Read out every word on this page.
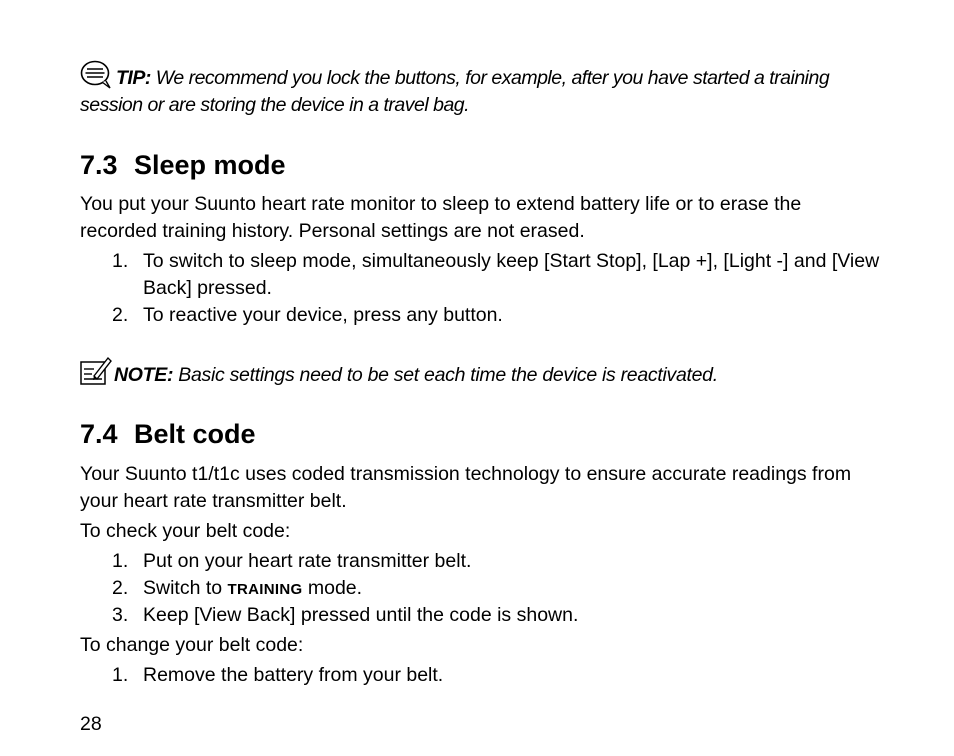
TIP: We recommend you lock the buttons, for example, after you have started a training session or are storing the device in a travel bag.
7.3 Sleep mode
You put your Suunto heart rate monitor to sleep to extend battery life or to erase the recorded training history. Personal settings are not erased.
1. To switch to sleep mode, simultaneously keep [Start Stop], [Lap +], [Light -] and [View Back] pressed.
2. To reactive your device, press any button.
NOTE: Basic settings need to be set each time the device is reactivated.
7.4 Belt code
Your Suunto t1/t1c uses coded transmission technology to ensure accurate readings from your heart rate transmitter belt.
To check your belt code:
1. Put on your heart rate transmitter belt.
2. Switch to TRAINING mode.
3. Keep [View Back] pressed until the code is shown.
To change your belt code:
1. Remove the battery from your belt.
28
